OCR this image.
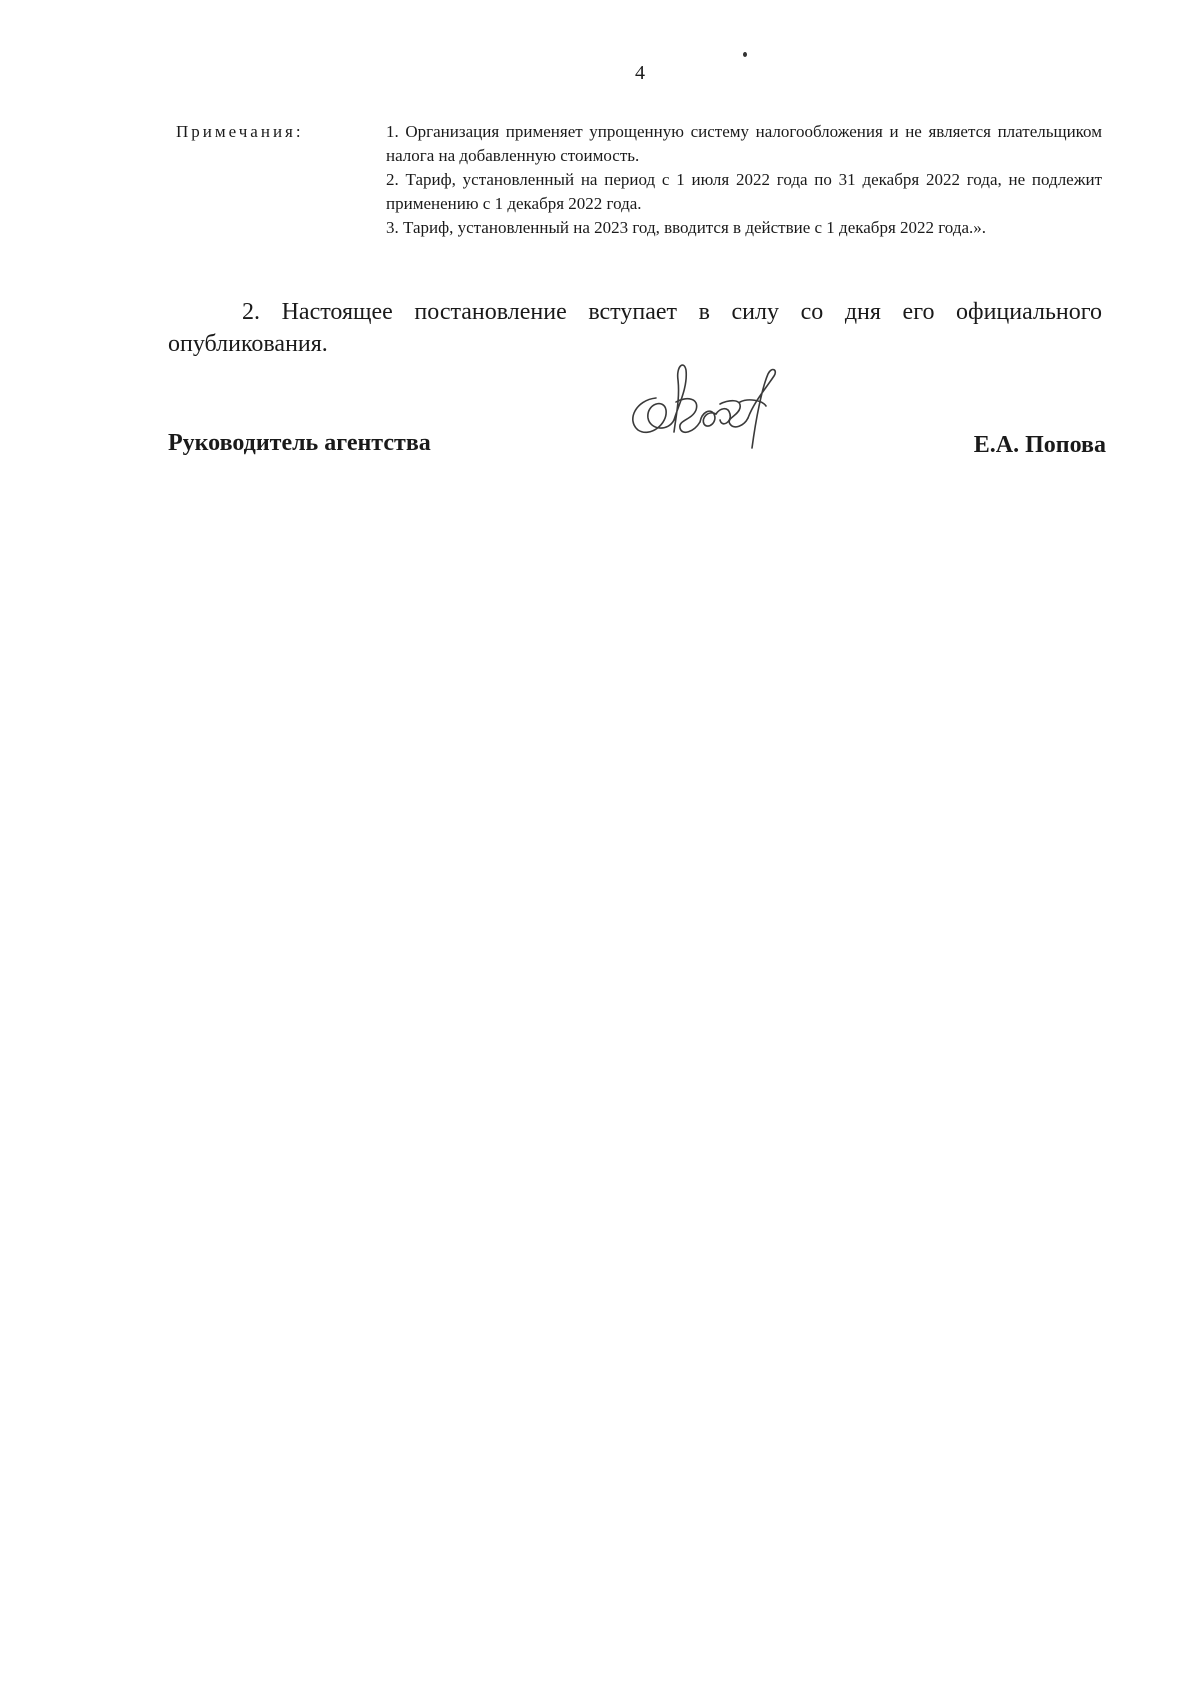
4
Примечания:	1. Организация применяет упрощенную систему налогообложения и не является плательщиком налога на добавленную стоимость.
2. Тариф, установленный на период с 1 июля 2022 года по 31 декабря 2022 года, не подлежит применению с 1 декабря 2022 года.
3. Тариф, установленный на 2023 год, вводится в действие с 1 декабря 2022 года.».
2. Настоящее постановление вступает в силу со дня его официального опубликования.
Руководитель агентства	Е.А. Попова
